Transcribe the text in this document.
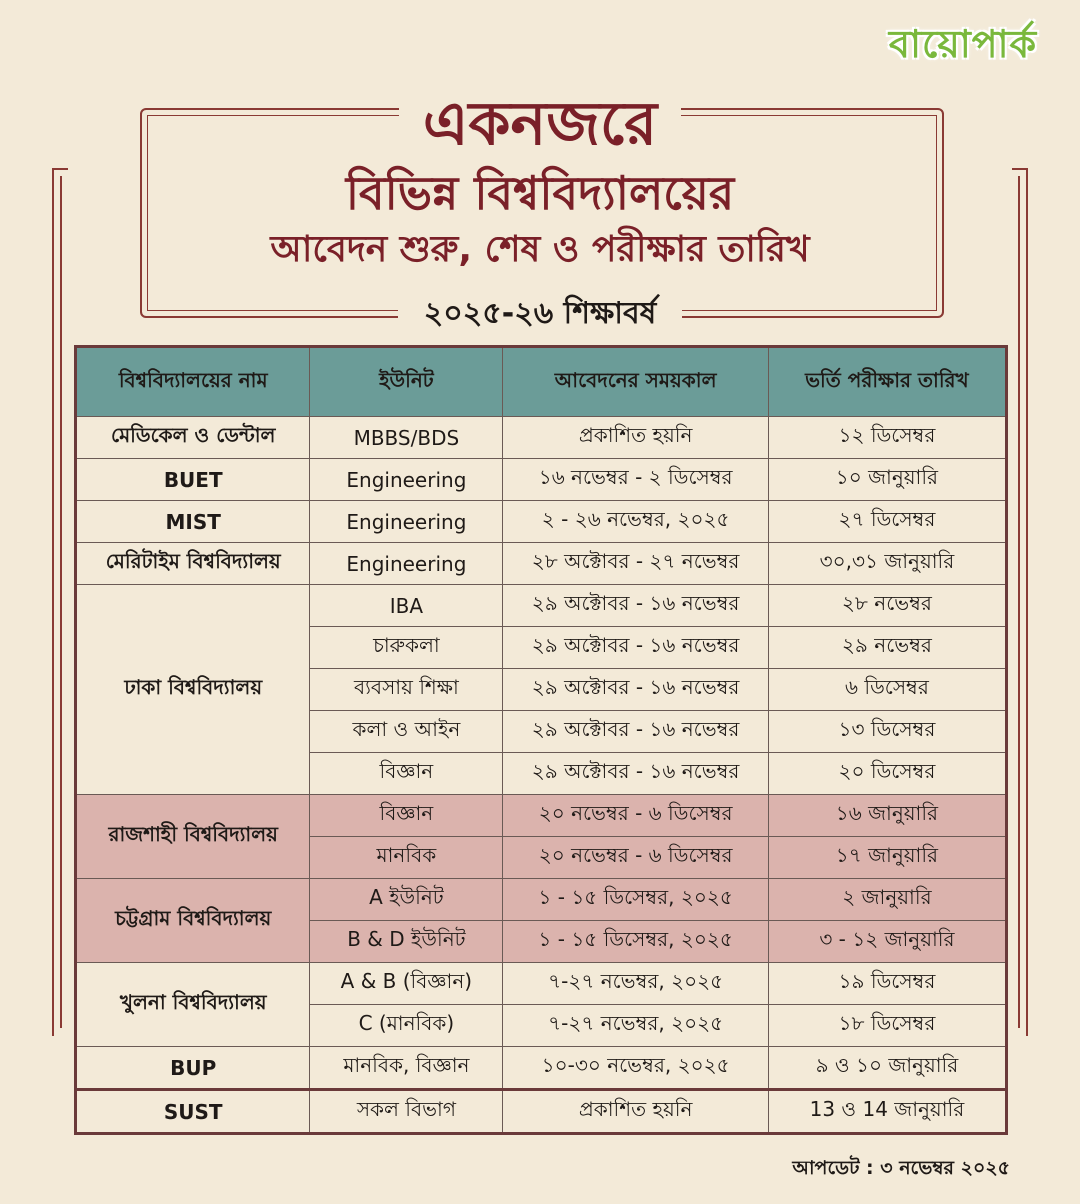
বায়োপার্ক
একনজরে
বিভিন্ন বিশ্ববিদ্যালয়ের
আবেদন শুরু, শেষ ও পরীক্ষার তারিখ
২০২৫-২৬ শিক্ষাবর্ষ
বিশ্ববিদ্যালয়ের নাম	ইউনিট	আবেদনের সময়কাল	ভর্তি পরীক্ষার তারিখ
মেডিকেল ও ডেন্টাল	MBBS/BDS	প্রকাশিত হয়নি	১২ ডিসেম্বর
BUET	Engineering	১৬ নভেম্বর - ২ ডিসেম্বর	১০ জানুয়ারি
MIST	Engineering	২ - ২৬ নভেম্বর, ২০২৫	২৭ ডিসেম্বর
মেরিটাইম বিশ্ববিদ্যালয়	Engineering	২৮ অক্টোবর - ২৭ নভেম্বর	৩০,৩১ জানুয়ারি
ঢাকা বিশ্ববিদ্যালয়	IBA	২৯ অক্টোবর - ১৬ নভেম্বর	২৮ নভেম্বর
	চারুকলা	২৯ অক্টোবর - ১৬ নভেম্বর	২৯ নভেম্বর
	ব্যবসায় শিক্ষা	২৯ অক্টোবর - ১৬ নভেম্বর	৬ ডিসেম্বর
	কলা ও আইন	২৯ অক্টোবর - ১৬ নভেম্বর	১৩ ডিসেম্বর
	বিজ্ঞান	২৯ অক্টোবর - ১৬ নভেম্বর	২০ ডিসেম্বর
রাজশাহী বিশ্ববিদ্যালয়	বিজ্ঞান	২০ নভেম্বর - ৬ ডিসেম্বর	১৬ জানুয়ারি
	মানবিক	২০ নভেম্বর - ৬ ডিসেম্বর	১৭ জানুয়ারি
চট্টগ্রাম বিশ্ববিদ্যালয়	A ইউনিট	১ - ১৫ ডিসেম্বর, ২০২৫	২ জানুয়ারি
	B & D ইউনিট	১ - ১৫ ডিসেম্বর, ২০২৫	৩ - ১২ জানুয়ারি
খুলনা বিশ্ববিদ্যালয়	A & B (বিজ্ঞান)	৭-২৭ নভেম্বর, ২০২৫	১৯ ডিসেম্বর
	C (মানবিক)	৭-২৭ নভেম্বর, ২০২৫	১৮ ডিসেম্বর
BUP	মানবিক, বিজ্ঞান	১০-৩০ নভেম্বর, ২০২৫	৯ ও ১০ জানুয়ারি
SUST	সকল বিভাগ	প্রকাশিত হয়নি	13 ও 14 জানুয়ারি
আপডেট : ৩ নভেম্বর ২০২৫
